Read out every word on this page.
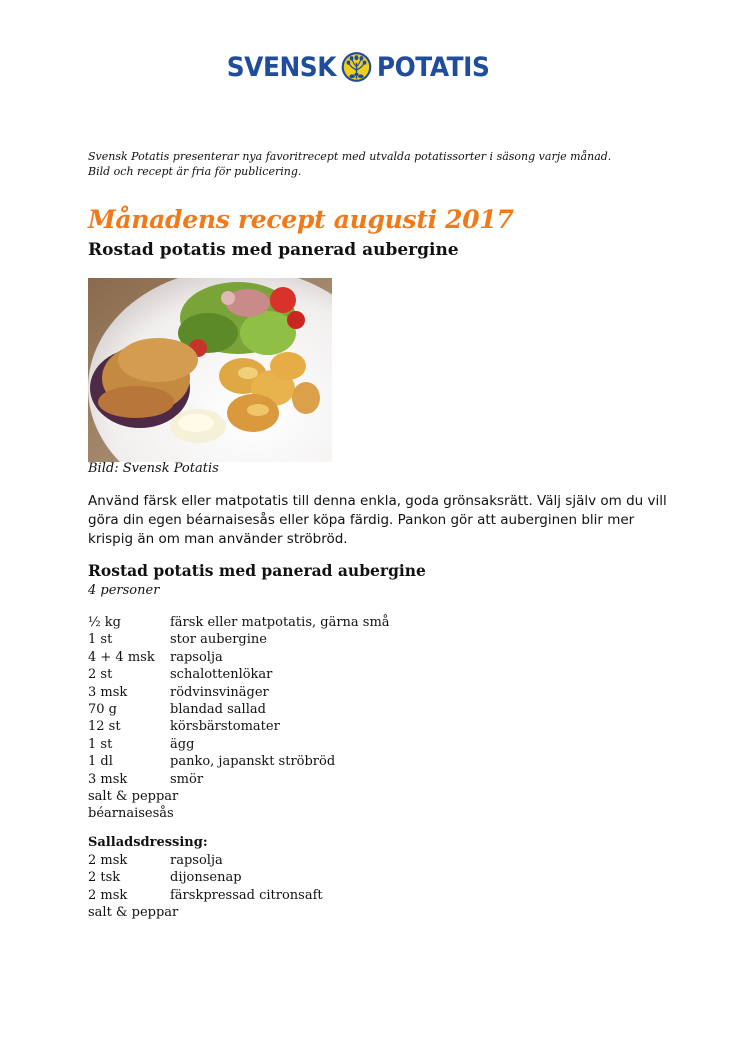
SVENSK POTATIS
Svensk Potatis presenterar nya favoritrecept med utvalda potatissorter i säsong varje månad.
Bild och recept är fria för publicering.
Månadens recept augusti 2017
Rostad potatis med panerad aubergine
Bild: Svensk Potatis
Använd färsk eller matpotatis till denna enkla, goda grönsaksrätt. Välj själv om du vill göra din egen béarnaisesås eller köpa färdig. Pankon gör att auberginen blir mer krispig än om man använder ströbröd.
Rostad potatis med panerad aubergine
4 personer
½ kg	färsk eller matpotatis, gärna små
1 st	stor aubergine
4 + 4 msk	rapsolja
2 st	schalottenlökar
3 msk	rödvinsvinäger
70 g	blandad sallad
12 st	körsbärstomater
1 st	ägg
1 dl	panko, japanskt ströbröd
3 msk	smör
salt & peppar
béarnaisesås
Salladsdressing:
2 msk	rapsolja
2 tsk	dijonsenap
2 msk	färskpressad citronsaft
salt & peppar
